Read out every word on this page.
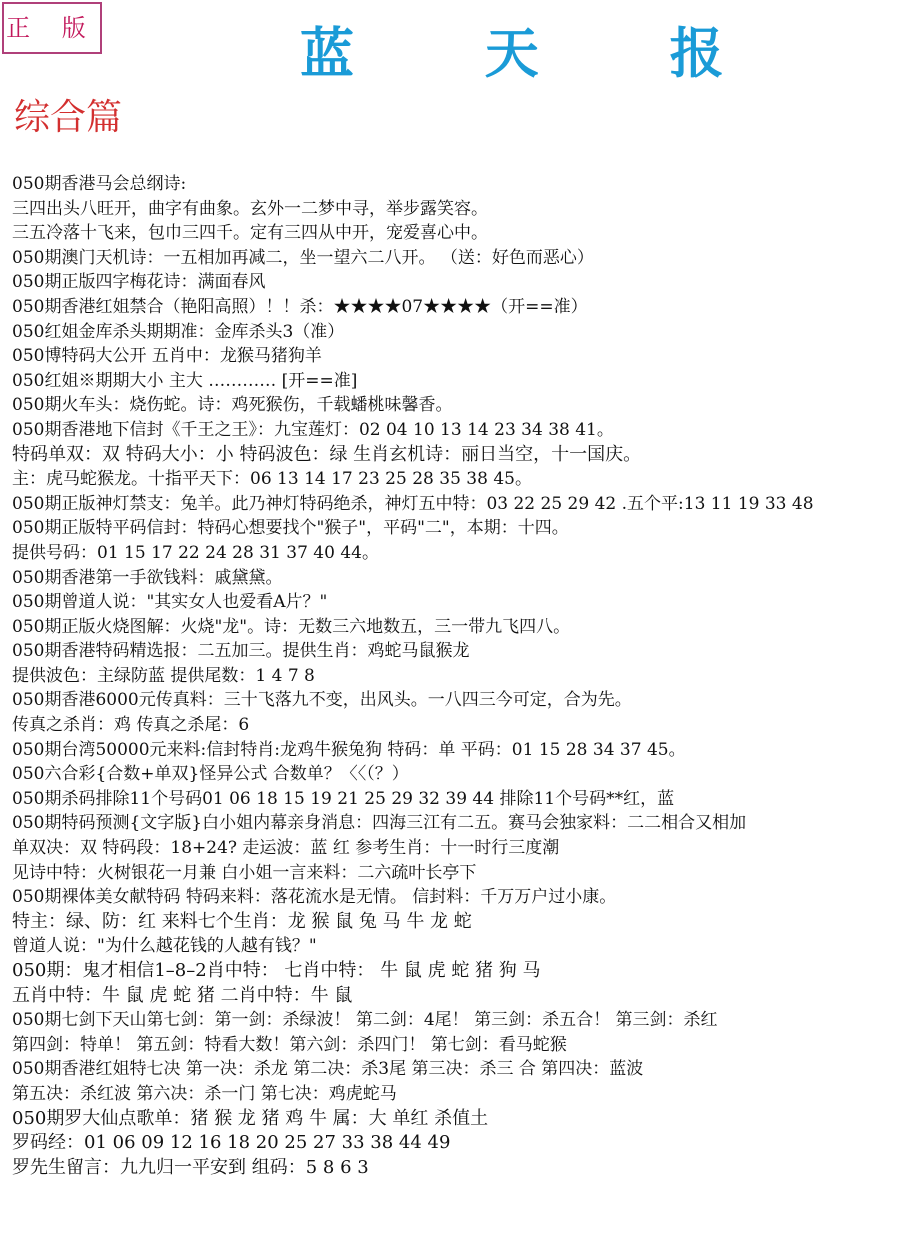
正 版	蓝 天 报
综合篇
050期香港马会总纲诗:
三四出头八旺开，曲字有曲象。玄外一二梦中寻，举步露笑容。
三五冷落十飞来，包巾三四千。定有三四从中开，宠爱喜心中。
050期澳门天机诗：一五相加再减二，坐一望六二八开。 （送：好色而恶心）
050期正版四字梅花诗：满面春风
050期香港红姐禁合（艳阳高照）！！杀：★★★★07★★★★（开==准）
050红姐金库杀头期期准：金库杀头3（准）
050博特码大公开 五肖中：龙猴马猪狗羊
050红姐※期期大小 主大 ………… [开==准]
050期火车头：烧伤蛇。诗：鸡死猴伤，千载蟠桃味馨香。
050期香港地下信封《千王之王》：九宝莲灯：02 04 10 13 14 23 34 38 41。
特码单双：双 特码大小：小 特码波色：绿 生肖玄机诗：丽日当空，十一国庆。
主：虎马蛇猴龙。十指平天下：06 13 14 17 23 25 28 35 38 45。
050期正版神灯禁支：兔羊。此乃神灯特码绝杀，神灯五中特：03 22 25 29 42 .五个平:13 11 19 33 48
050期正版特平码信封：特码心想要找个"猴子"，平码"二"，本期：十四。
提供号码：01 15 17 22 24 28 31 37 40 44。
050期香港第一手欲钱料：戚黛黛。
050期曾道人说："其实女人也爱看A片？"
050期正版火烧图解：火烧"龙"。诗：无数三六地数五，三一带九飞四八。
050期香港特码精选报：二五加三。提供生肖：鸡蛇马鼠猴龙
提供波色：主绿防蓝 提供尾数：1 4 7 8
050期香港6000元传真料：三十飞落九不变，出风头。一八四三今可定，合为先。
传真之杀肖：鸡 传真之杀尾：6
050期台湾50000元来料:信封特肖:龙鸡牛猴兔狗 特码：单 平码：01 15 28 34 37 45。
050六合彩{合数+单双}怪异公式 合数单？〈〈（？）
050期杀码排除11个号码01 06 18 15 19 21 25 29 32 39 44 排除11个号码**红，蓝
050期特码预测{文字版}白小姐内幕亲身消息：四海三江有二五。赛马会独家料：二二相合又相加
单双决：双 特码段：18+24? 走运波：蓝 红 参考生肖：十一时行三度潮
见诗中特：火树银花一月兼 白小姐一言来料：二六疏叶长亭下
050期裸体美女献特码 特码来料：落花流水是无情。 信封料：千万万户过小康。
特主：绿、防：红 来料七个生肖：龙 猴 鼠 兔 马 牛 龙 蛇
曾道人说："为什么越花钱的人越有钱？"
050期：鬼才相信1–8–2肖中特： 七肖中特： 牛 鼠 虎 蛇 猪 狗 马
五肖中特：牛 鼠 虎 蛇 猪 二肖中特：牛 鼠
050期七剑下天山第七剑：第一剑：杀绿波！ 第二剑：4尾！ 第三剑：杀五合！ 第三剑：杀红
第四剑：特单！ 第五剑：特看大数！第六剑：杀四门！ 第七剑：看马蛇猴
050期香港红姐特七决 第一决：杀龙 第二决：杀3尾 第三决：杀三 合 第四决：蓝波
第五决：杀红波 第六决：杀一门 第七决：鸡虎蛇马
050期罗大仙点歌单：猪 猴 龙 猪 鸡 牛 属：大 单红 杀值土
罗码经：01 06 09 12 16 18 20 25 27 33 38 44 49
罗先生留言：九九归一平安到 组码：5 8 6 3
